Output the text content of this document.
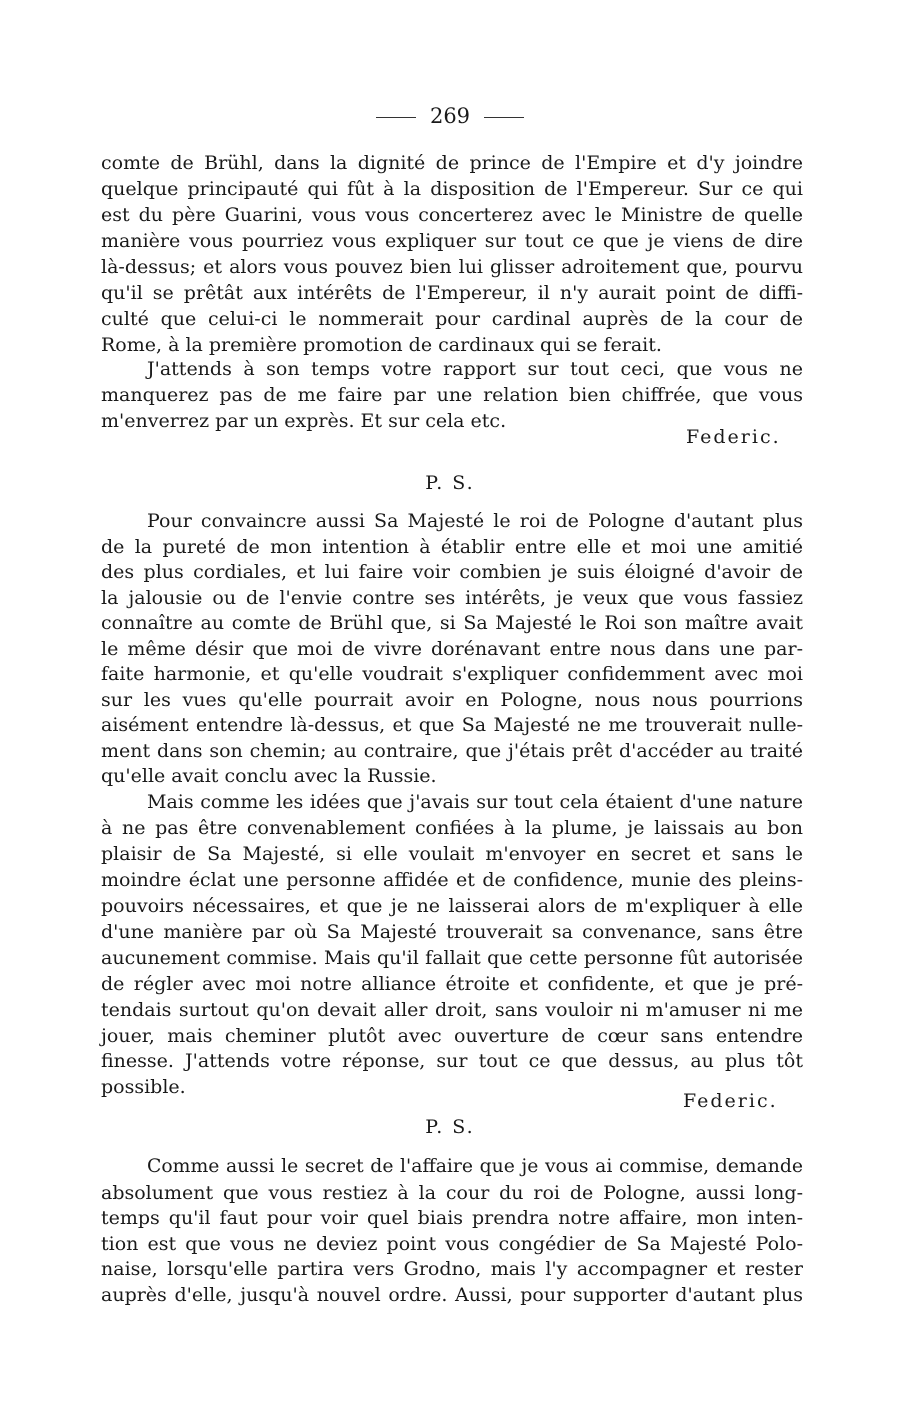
269
comte de Brühl, dans la dignité de prince de l'Empire et d'y joindre
quelque principauté qui fût à la disposition de l'Empereur. Sur ce qui
est du père Guarini, vous vous concerterez avec le Ministre de quelle
manière vous pourriez vous expliquer sur tout ce que je viens de dire
là-dessus; et alors vous pouvez bien lui glisser adroitement que, pourvu
qu'il se prêtât aux intérêts de l'Empereur, il n'y aurait point de diffi-
culté que celui-ci le nommerait pour cardinal auprès de la cour de
Rome, à la première promotion de cardinaux qui se ferait.
J'attends à son temps votre rapport sur tout ceci, que vous ne
manquerez pas de me faire par une relation bien chiffrée, que vous
m'enverrez par un exprès. Et sur cela etc.
Federic.
P. S.
Pour convaincre aussi Sa Majesté le roi de Pologne d'autant plus
de la pureté de mon intention à établir entre elle et moi une amitié
des plus cordiales, et lui faire voir combien je suis éloigné d'avoir de
la jalousie ou de l'envie contre ses intérêts, je veux que vous fassiez
connaître au comte de Brühl que, si Sa Majesté le Roi son maître avait
le même désir que moi de vivre dorénavant entre nous dans une par-
faite harmonie, et qu'elle voudrait s'expliquer confidemment avec moi
sur les vues qu'elle pourrait avoir en Pologne, nous nous pourrions
aisément entendre là-dessus, et que Sa Majesté ne me trouverait nulle-
ment dans son chemin; au contraire, que j'étais prêt d'accéder au traité
qu'elle avait conclu avec la Russie.
Mais comme les idées que j'avais sur tout cela étaient d'une nature
à ne pas être convenablement confiées à la plume, je laissais au bon
plaisir de Sa Majesté, si elle voulait m'envoyer en secret et sans le
moindre éclat une personne affidée et de confidence, munie des pleins-
pouvoirs nécessaires, et que je ne laisserai alors de m'expliquer à elle
d'une manière par où Sa Majesté trouverait sa convenance, sans être
aucunement commise. Mais qu'il fallait que cette personne fût autorisée
de régler avec moi notre alliance étroite et confidente, et que je pré-
tendais surtout qu'on devait aller droit, sans vouloir ni m'amuser ni me
jouer, mais cheminer plutôt avec ouverture de cœur sans entendre
finesse. J'attends votre réponse, sur tout ce que dessus, au plus tôt
possible.
Federic.
P. S.
Comme aussi le secret de l'affaire que je vous ai commise, demande
absolument que vous restiez à la cour du roi de Pologne, aussi long-
temps qu'il faut pour voir quel biais prendra notre affaire, mon inten-
tion est que vous ne deviez point vous congédier de Sa Majesté Polo-
naise, lorsqu'elle partira vers Grodno, mais l'y accompagner et rester
auprès d'elle, jusqu'à nouvel ordre. Aussi, pour supporter d'autant plus
